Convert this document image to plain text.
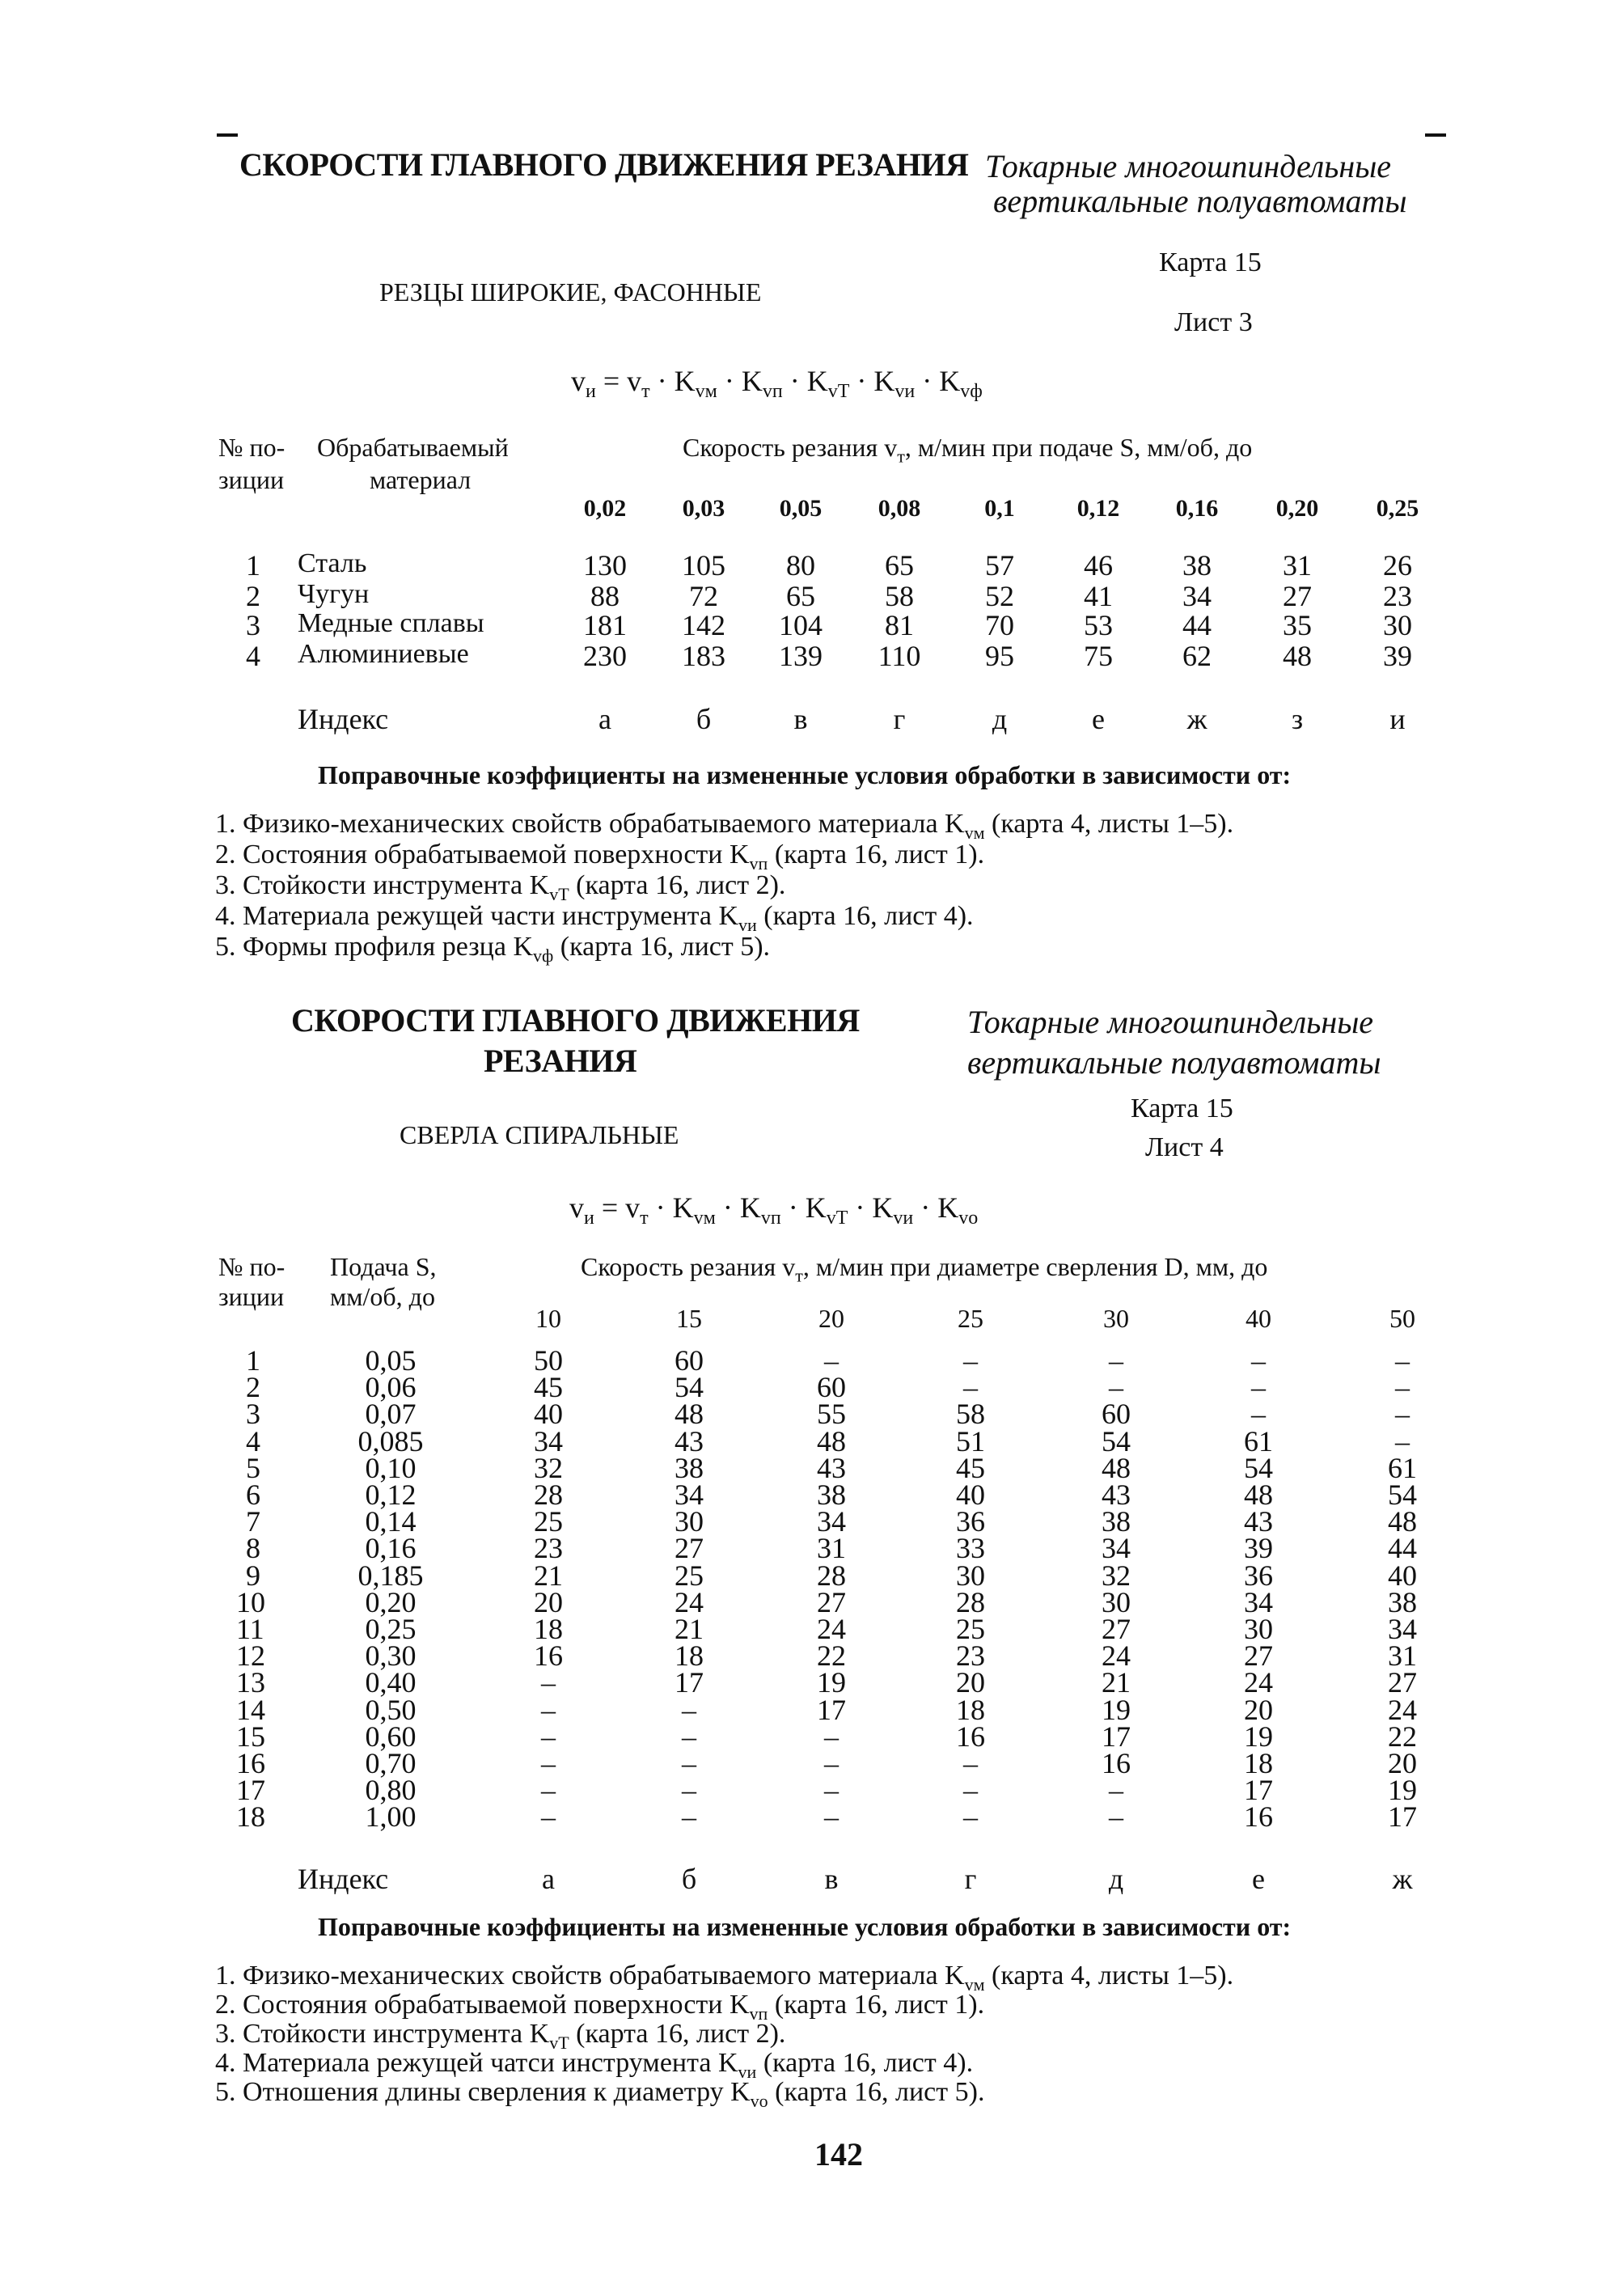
СКОРОСТИ ГЛАВНОГО ДВИЖЕНИЯ РЕЗАНИЯ Токарные многошпиндельные
вертикальные полуавтоматы
Карта 15
РЕЗЦЫ ШИРОКИЕ, ФАСОННЫЕ
Лист 3
$v_и = v_т \cdot K_{vм} \cdot K_{vп} \cdot K_{vТ} \cdot K_{vи} \cdot K_{vф}$
№ по-
зиции
Обрабатываемый
материал
Скорость резания $v_т$, м/мин при подаче S, мм/об, до
0,02	0,03	0,05	0,08	0,1	0,12	0,16	0,20	0,25
1 Сталь	130	105	80	65	57	46	38	31	26
2 Чугун	88	72	65	58	52	41	34	27	23
3 Медные сплавы	181	142	104	81	70	53	44	35	30
4 Алюминиевые	230	183	139	110	95	75	62	48	39
Индекс	а	б	в	г	д	е	ж	з	и
Поправочные коэффициенты на измененные условия обработки в зависимости от:
1. Физико-механических свойств обрабатываемого материала $K_{vм}$ (карта 4, листы 1–5).
2. Состояния обрабатываемой поверхности $K_{vп}$ (карта 16, лист 1).
3. Стойкости инструмента $K_{vТ}$ (карта 16, лист 2).
4. Материала режущей части инструмента $K_{vи}$ (карта 16, лист 4).
5. Формы профиля резца $K_{vф}$ (карта 16, лист 5).
СКОРОСТИ ГЛАВНОГО ДВИЖЕНИЯ
РЕЗАНИЯ
Токарные многошпиндельные
вертикальные полуавтоматы
Карта 15
СВЕРЛА СПИРАЛЬНЫЕ	Лист 4
$v_и = v_т \cdot K_{vм} \cdot K_{vп} \cdot K_{vТ} \cdot K_{vи} \cdot K_{vo}$
№ по-
зиции
Подача S,
мм/об, до
Скорость резания $v_т$, м/мин при диаметре сверления D, мм, до
10	15	20	25	30	40	50
1	0,05	50	60	–	–	–	–	–
2	0,06	45	54	60	–	–	–	–
3	0,07	40	48	55	58	60	–	–
4	0,085	34	43	48	51	54	61	–
5	0,10	32	38	43	45	48	54	61
6	0,12	28	34	38	40	43	48	54
7	0,14	25	30	34	36	38	43	48
8	0,16	23	27	31	33	34	39	44
9	0,185	21	25	28	30	32	36	40
10	0,20	20	24	27	28	30	34	38
11	0,25	18	21	24	25	27	30	34
12	0,30	16	18	22	23	24	27	31
13	0,40	–	17	19	20	21	24	27
14	0,50	–	–	17	18	19	20	24
15	0,60	–	–	–	16	17	19	22
16	0,70	–	–	–	–	16	18	20
17	0,80	–	–	–	–	–	17	19
18	1,00	–	–	–	–	–	16	17
Индекс	а	б	в	г	д	е	ж
Поправочные коэффициенты на измененные условия обработки в зависимости от:
1. Физико-механических свойств обрабатываемого материала $K_{vм}$ (карта 4, листы 1–5).
2. Состояния обрабатываемой поверхности $K_{vп}$ (карта 16, лист 1).
3. Стойкости инструмента $K_{vТ}$ (карта 16, лист 2).
4. Материала режущей чатси инструмента $K_{vи}$ (карта 16, лист 4).
5. Отношения длины сверления к диаметру $K_{vo}$ (карта 16, лист 5).
142
